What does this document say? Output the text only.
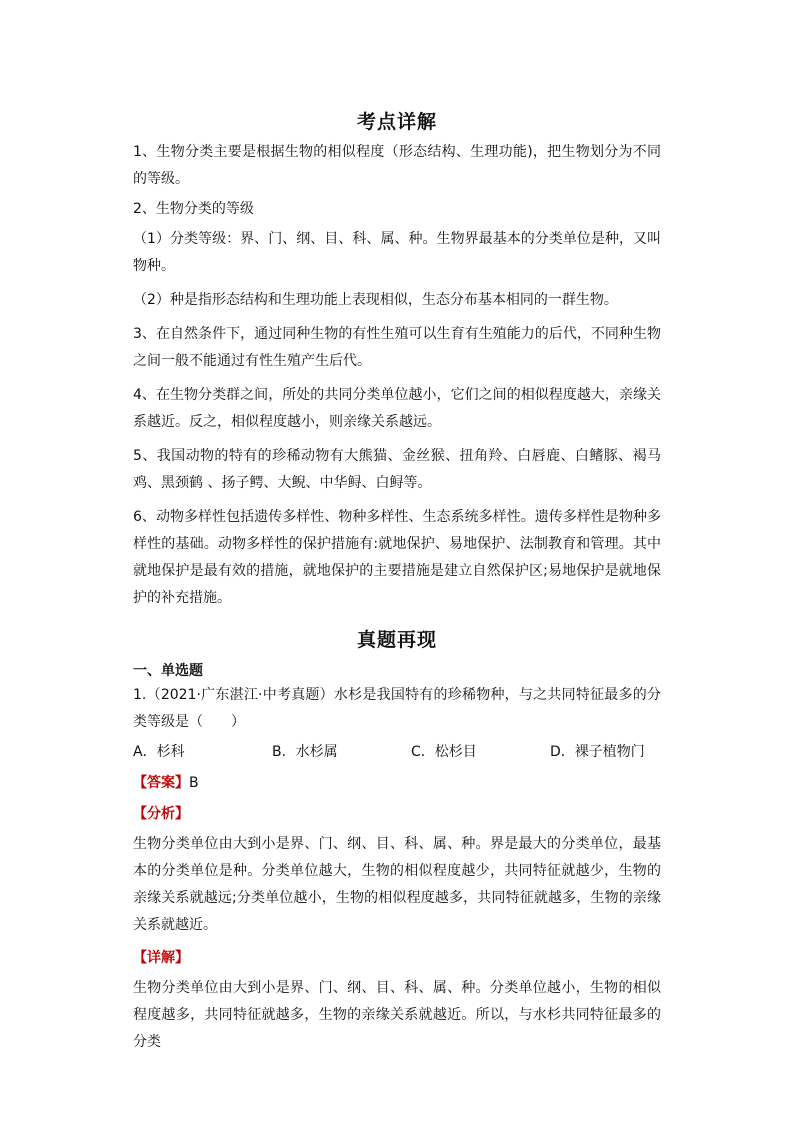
考点详解

1、生物分类主要是根据生物的相似程度（形态结构、生理功能)，把生物划分为不同的等级。

2、生物分类的等级

（1）分类等级：界、门、纲、目、科、属、种。生物界最基本的分类单位是种，又叫物种。

（2）种是指形态结构和生理功能上表现相似，生态分布基本相同的一群生物。

3、在自然条件下，通过同种生物的有性生殖可以生育有生殖能力的后代，不同种生物之间一般不能通过有性生殖产生后代。

4、在生物分类群之间，所处的共同分类单位越小，它们之间的相似程度越大，亲缘关系越近。反之，相似程度越小，则亲缘关系越远。

5、我国动物的特有的珍稀动物有大熊猫、金丝猴、扭角羚、白唇鹿、白鳍豚、褐马鸡、黑颈鹤 、扬子鳄、大鲵、中华鲟、白鲟等。

6、动物多样性包括遗传多样性、物种多样性、生态系统多样性。遗传多样性是物种多样性的基础。动物多样性的保护措施有:就地保护、易地保护、法制教育和管理。其中就地保护是最有效的措施，就地保护的主要措施是建立自然保护区;易地保护是就地保护的补充措施。

真题再现

一、单选题

1.（2021·广东湛江·中考真题）水杉是我国特有的珍稀物种，与之共同特征最多的分类等级是（　　）

A．杉科	B．水杉属	C．松杉目	D．裸子植物门
【答案】B
【分析】

生物分类单位由大到小是界、门、纲、目、科、属、种。界是最大的分类单位，最基本的分类单位是种。分类单位越大，生物的相似程度越少，共同特征就越少，生物的亲缘关系就越远;分类单位越小，生物的相似程度越多，共同特征就越多，生物的亲缘关系就越近。

【详解】

生物分类单位由大到小是界、门、纲、目、科、属、种。分类单位越小，生物的相似程度越多，共同特征就越多，生物的亲缘关系就越近。所以，与水杉共同特征最多的分类
